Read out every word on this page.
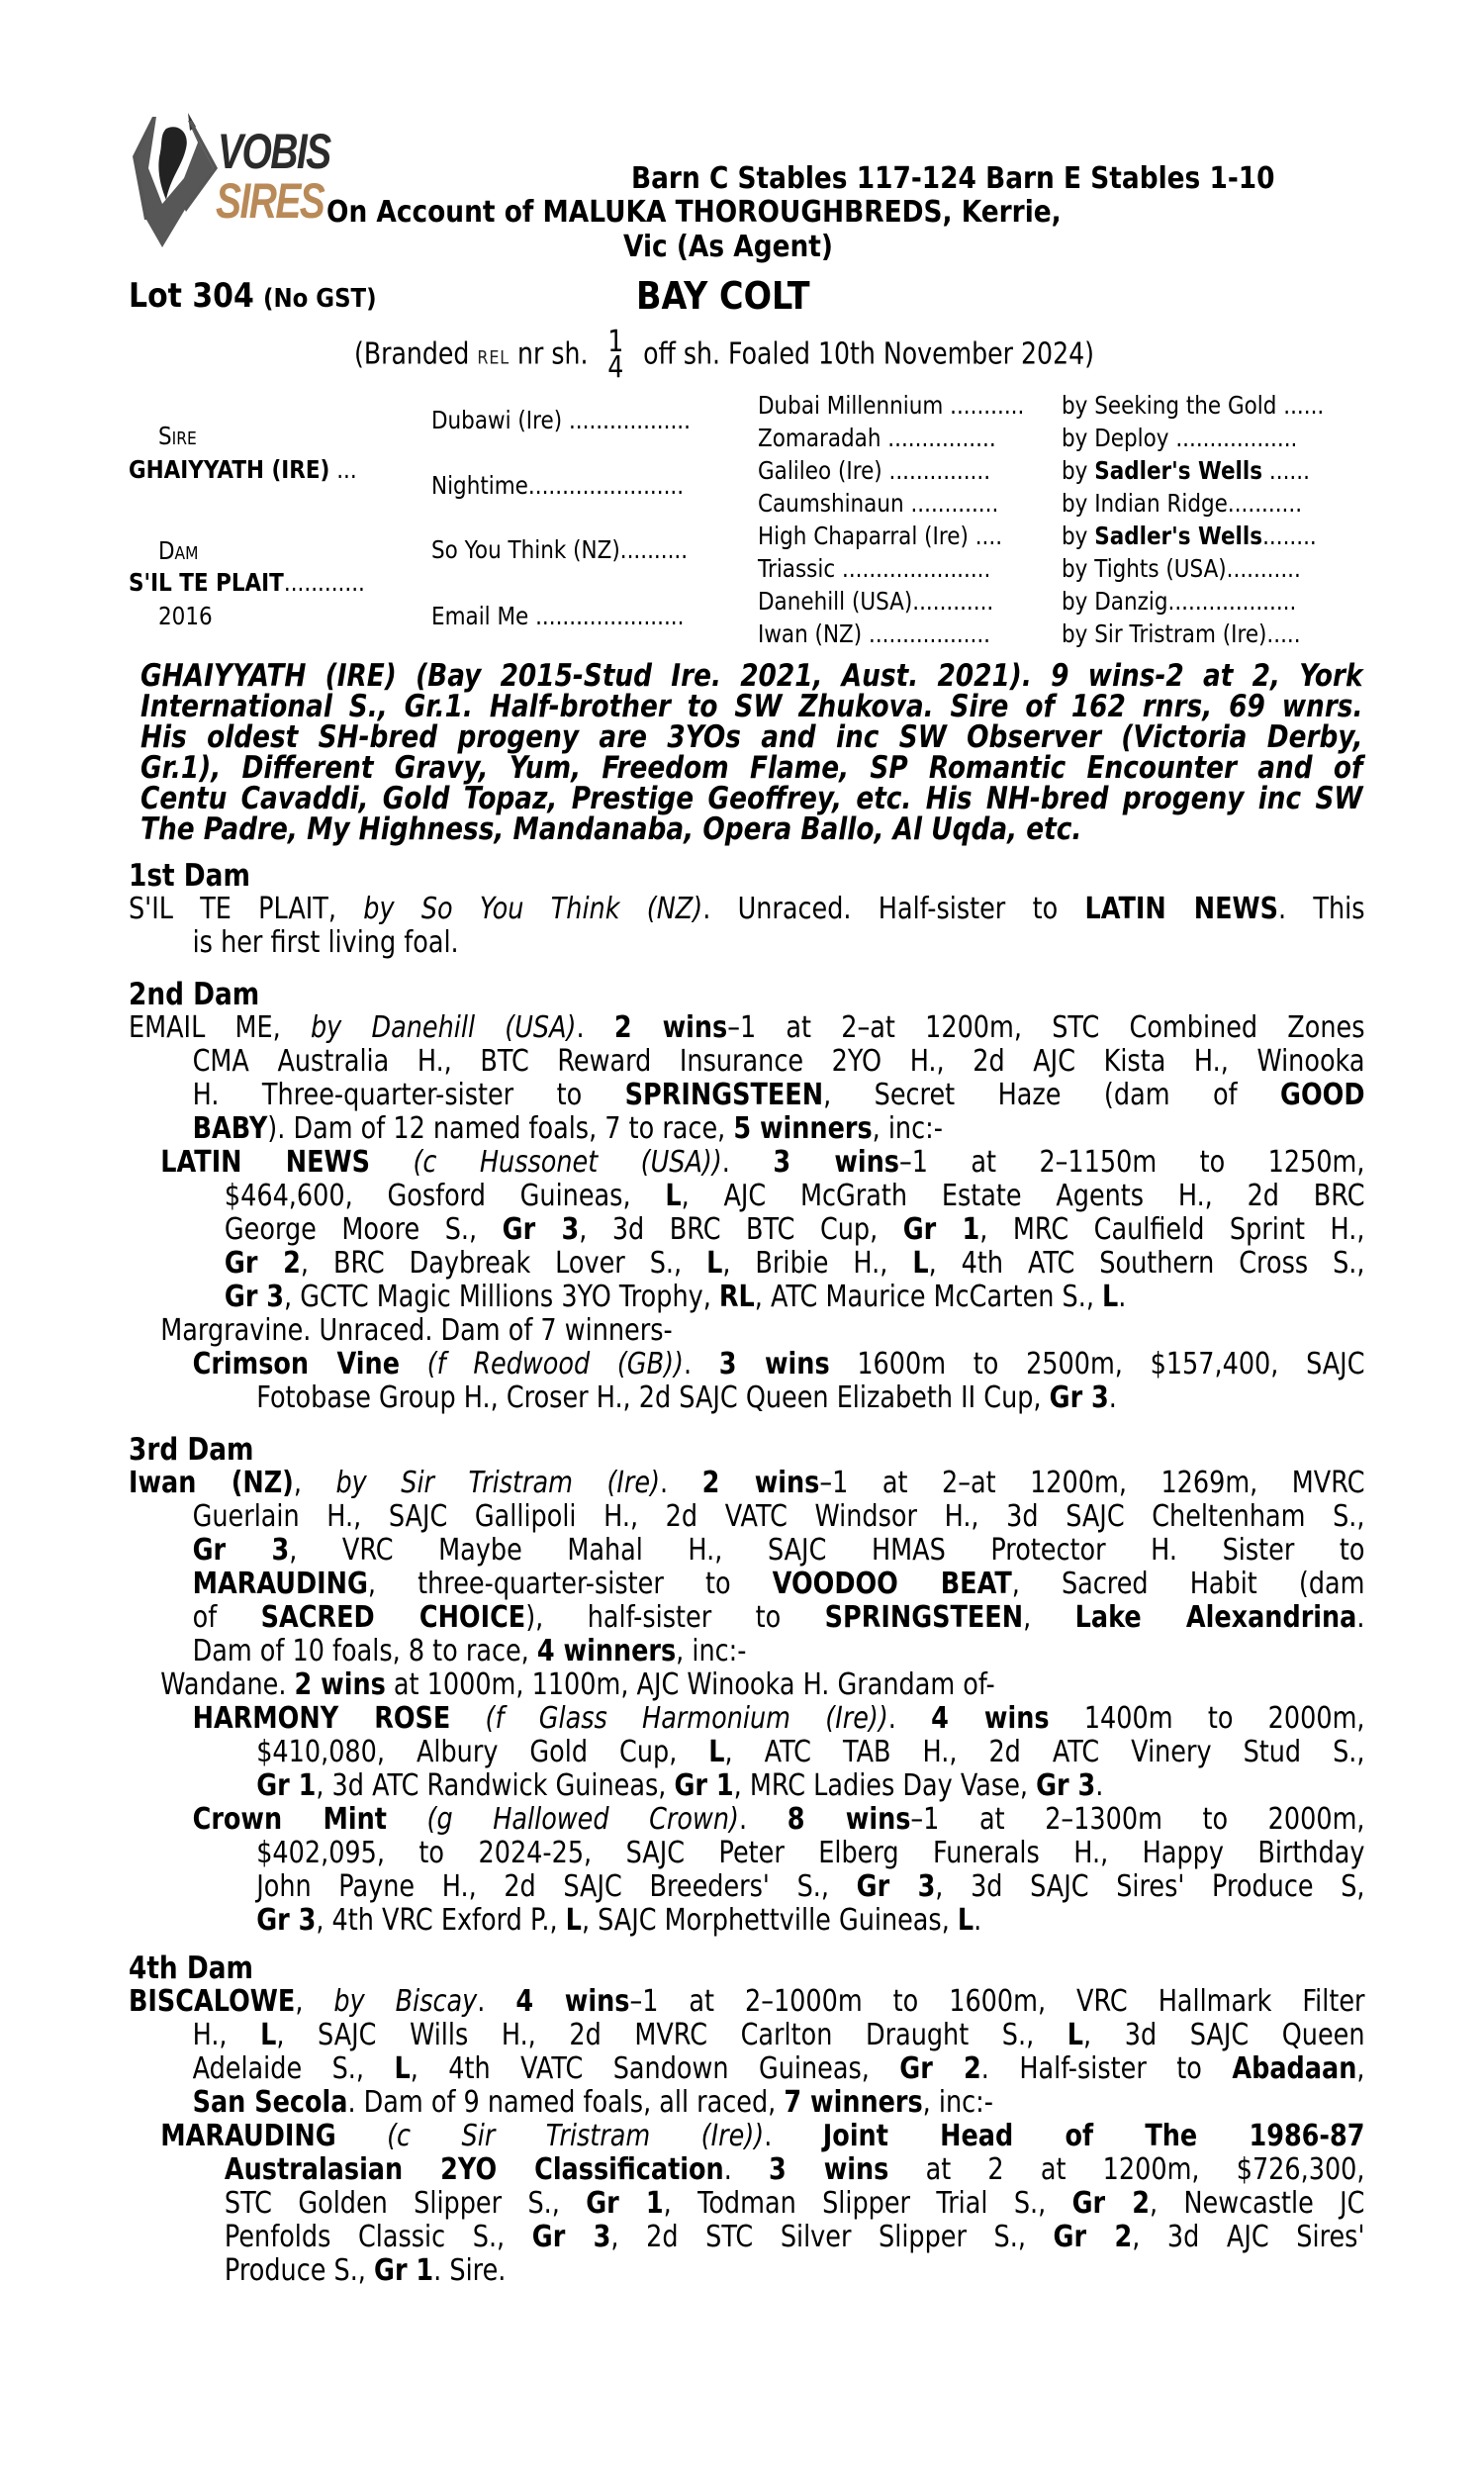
VOBIS
SIRES	Barn C Stables 117-124 Barn E Stables 1-10
On Account of MALUKA THOROUGHBREDS, Kerrie,
Vic (As Agent)
Lot 304 (No GST)	BAY COLT
(Branded REL nr sh. 1
4 off sh. Foaled 10th November 2024)
Sire
GHAIYYATH (IRE) ...
Dam
S'IL TE PLAIT............
2016
Dubawi (Ire) ..................
Nightime.......................
So You Think (NZ)..........
Email Me ......................
Dubai Millennium ...........
Zomaradah ................
Galileo (Ire) ...............
Caumshinaun .............
High Chaparral (Ire) ....
Triassic ......................
Danehill (USA)............
Iwan (NZ) ..................
by Seeking the Gold ......
by Deploy ..................
by Sadler's Wells ......
by Indian Ridge...........
by Sadler's Wells........
by Tights (USA)...........
by Danzig...................
by Sir Tristram (Ire).....
GHAIYYATH (IRE) (Bay 2015-Stud Ire. 2021, Aust. 2021). 9 wins-2 at 2, York
International S., Gr.1. Half-brother to SW Zhukova. Sire of 162 rnrs, 69 wnrs.
His oldest SH-bred progeny are 3YOs and inc SW Observer (Victoria Derby,
Gr.1), Different Gravy, Yum, Freedom Flame, SP Romantic Encounter and of
Centu Cavaddi, Gold Topaz, Prestige Geoffrey, etc. His NH-bred progeny inc SW
The Padre, My Highness, Mandanaba, Opera Ballo, Al Uqda, etc.
1st Dam
S'IL TE PLAIT, by So You Think (NZ). Unraced. Half-sister to LATIN NEWS. This
is her first living foal.
2nd Dam
EMAIL ME, by Danehill (USA). 2 wins–1 at 2–at 1200m, STC Combined Zones
CMA Australia H., BTC Reward Insurance 2YO H., 2d AJC Kista H., Winooka
H. Three-quarter-sister to SPRINGSTEEN, Secret Haze (dam of GOOD
BABY). Dam of 12 named foals, 7 to race, 5 winners, inc:-
LATIN NEWS (c Hussonet (USA)). 3 wins–1 at 2–1150m to 1250m,
$464,600, Gosford Guineas, L, AJC McGrath Estate Agents H., 2d BRC
George Moore S., Gr 3, 3d BRC BTC Cup, Gr 1, MRC Caulfield Sprint H.,
Gr 2, BRC Daybreak Lover S., L, Bribie H., L, 4th ATC Southern Cross S.,
Gr 3, GCTC Magic Millions 3YO Trophy, RL, ATC Maurice McCarten S., L.
Margravine. Unraced. Dam of 7 winners-
Crimson Vine (f Redwood (GB)). 3 wins 1600m to 2500m, $157,400, SAJC
Fotobase Group H., Croser H., 2d SAJC Queen Elizabeth II Cup, Gr 3.
3rd Dam
Iwan (NZ), by Sir Tristram (Ire). 2 wins–1 at 2–at 1200m, 1269m, MVRC
Guerlain H., SAJC Gallipoli H., 2d VATC Windsor H., 3d SAJC Cheltenham S.,
Gr 3, VRC Maybe Mahal H., SAJC HMAS Protector H. Sister to
MARAUDING, three-quarter-sister to VOODOO BEAT, Sacred Habit (dam
of SACRED CHOICE), half-sister to SPRINGSTEEN, Lake Alexandrina.
Dam of 10 foals, 8 to race, 4 winners, inc:-
Wandane. 2 wins at 1000m, 1100m, AJC Winooka H. Grandam of-
HARMONY ROSE (f Glass Harmonium (Ire)). 4 wins 1400m to 2000m,
$410,080, Albury Gold Cup, L, ATC TAB H., 2d ATC Vinery Stud S.,
Gr 1, 3d ATC Randwick Guineas, Gr 1, MRC Ladies Day Vase, Gr 3.
Crown Mint (g Hallowed Crown). 8 wins–1 at 2–1300m to 2000m,
$402,095, to 2024-25, SAJC Peter Elberg Funerals H., Happy Birthday
John Payne H., 2d SAJC Breeders' S., Gr 3, 3d SAJC Sires' Produce S,
Gr 3, 4th VRC Exford P., L, SAJC Morphettville Guineas, L.
4th Dam
BISCALOWE, by Biscay. 4 wins–1 at 2–1000m to 1600m, VRC Hallmark Filter
H., L, SAJC Wills H., 2d MVRC Carlton Draught S., L, 3d SAJC Queen
Adelaide S., L, 4th VATC Sandown Guineas, Gr 2. Half-sister to Abadaan,
San Secola. Dam of 9 named foals, all raced, 7 winners, inc:-
MARAUDING (c Sir Tristram (Ire)). Joint Head of The 1986-87
Australasian 2YO Classification. 3 wins at 2 at 1200m, $726,300,
STC Golden Slipper S., Gr 1, Todman Slipper Trial S., Gr 2, Newcastle JC
Penfolds Classic S., Gr 3, 2d STC Silver Slipper S., Gr 2, 3d AJC Sires'
Produce S., Gr 1. Sire.
